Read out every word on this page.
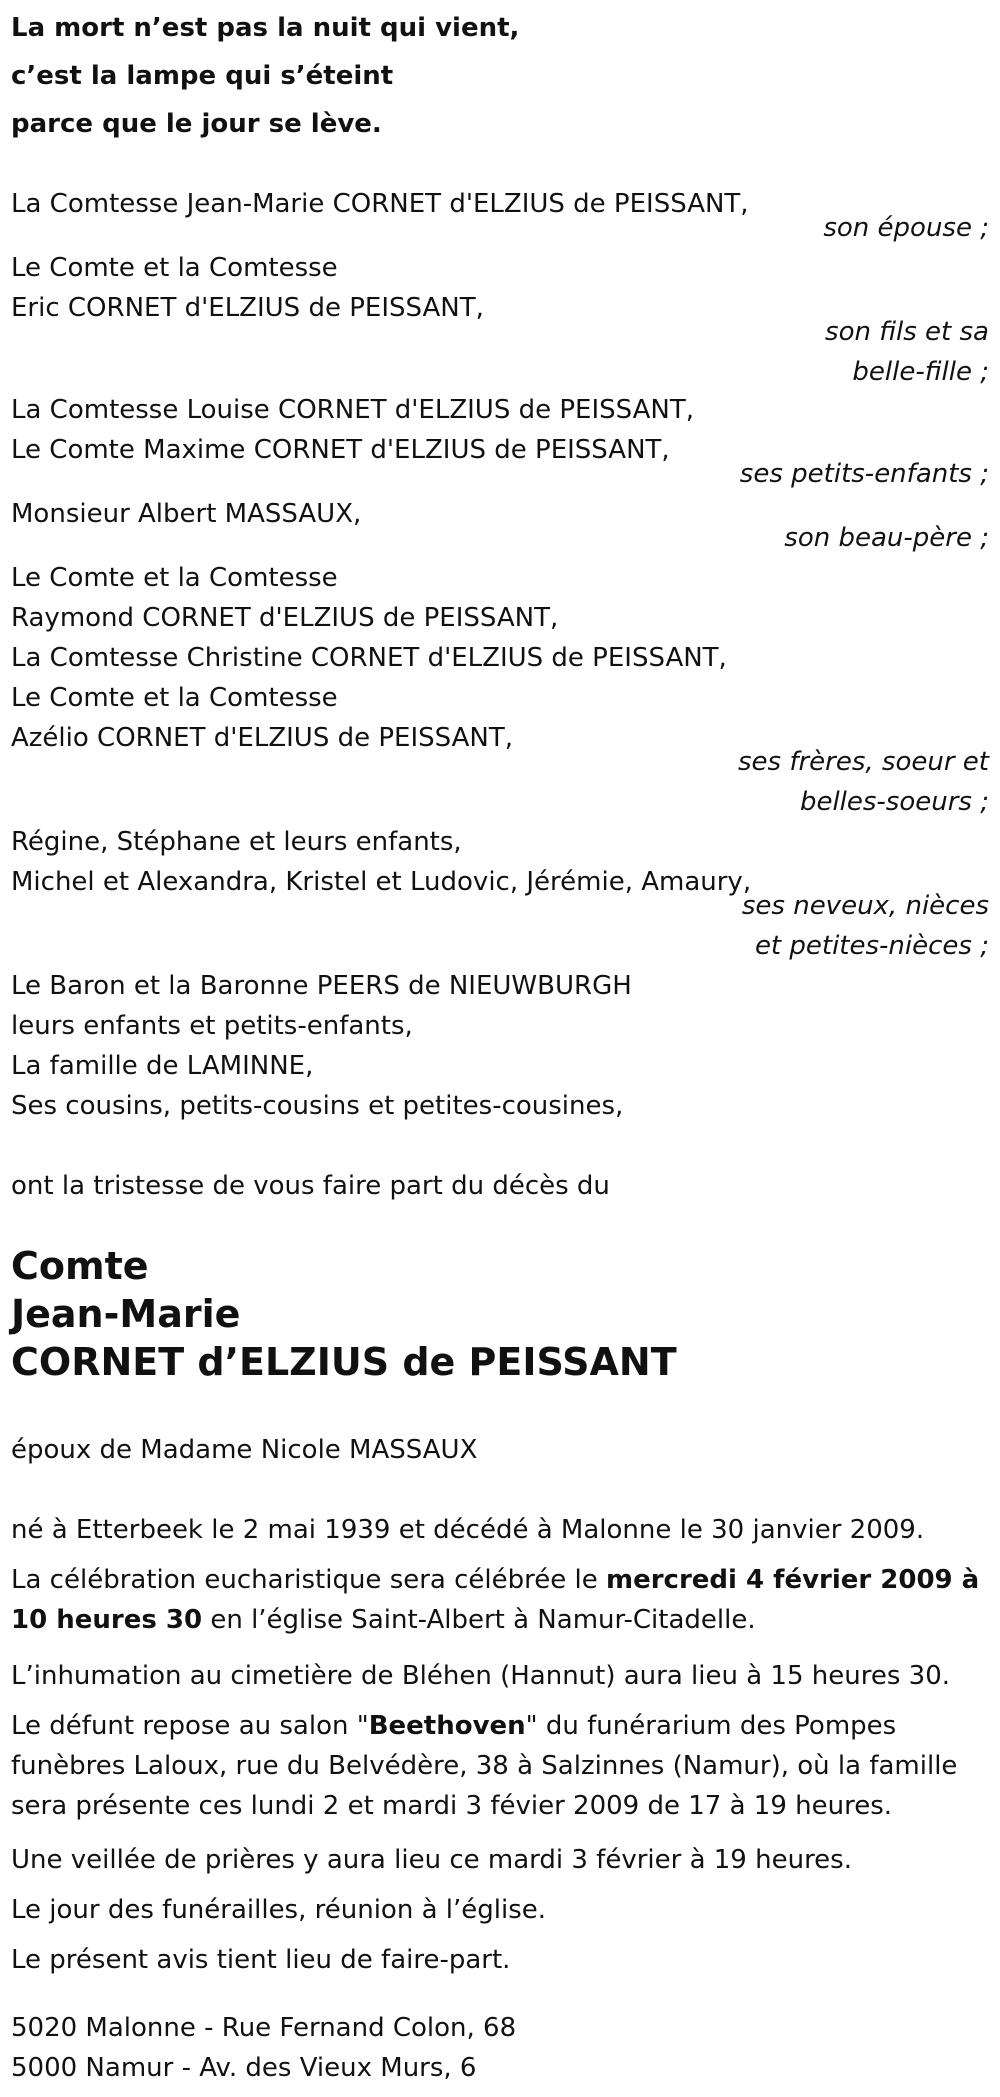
La mort n’est pas la nuit qui vient,
c’est la lampe qui s’éteint
parce que le jour se lève.
La Comtesse Jean-Marie CORNET d'ELZIUS de PEISSANT,
son épouse ;
Le Comte et la Comtesse
Eric CORNET d'ELZIUS de PEISSANT,
son fils et sa
belle-fille ;
La Comtesse Louise CORNET d'ELZIUS de PEISSANT,
Le Comte Maxime CORNET d'ELZIUS de PEISSANT,
ses petits-enfants ;
Monsieur Albert MASSAUX,
son beau-père ;
Le Comte et la Comtesse
Raymond CORNET d'ELZIUS de PEISSANT,
La Comtesse Christine CORNET d'ELZIUS de PEISSANT,
Le Comte et la Comtesse
Azélio CORNET d'ELZIUS de PEISSANT,
ses frères, soeur et
belles-soeurs ;
Régine, Stéphane et leurs enfants,
Michel et Alexandra, Kristel et Ludovic, Jérémie, Amaury,
ses neveux, nièces
et petites-nièces ;
Le Baron et la Baronne PEERS de NIEUWBURGH
leurs enfants et petits-enfants,
La famille de LAMINNE,
Ses cousins, petits-cousins et petites-cousines,
ont la tristesse de vous faire part du décès du
Comte
Jean-Marie
CORNET d’ELZIUS de PEISSANT
époux de Madame Nicole MASSAUX
né à Etterbeek le 2 mai 1939 et décédé à Malonne le 30 janvier 2009.
La célébration eucharistique sera célébrée le mercredi 4 février 2009 à 10 heures 30 en l’église Saint-Albert à Namur-Citadelle.
L’inhumation au cimetière de Bléhen (Hannut) aura lieu à 15 heures 30.
Le défunt repose au salon "Beethoven" du funérarium des Pompes funèbres Laloux, rue du Belvédère, 38 à Salzinnes (Namur), où la famille sera présente ces lundi 2 et mardi 3 févier 2009 de 17 à 19 heures.
Une veillée de prières y aura lieu ce mardi 3 février à 19 heures.
Le jour des funérailles, réunion à l’église.
Le présent avis tient lieu de faire-part.
5020 Malonne - Rue Fernand Colon, 68
5000 Namur - Av. des Vieux Murs, 6
